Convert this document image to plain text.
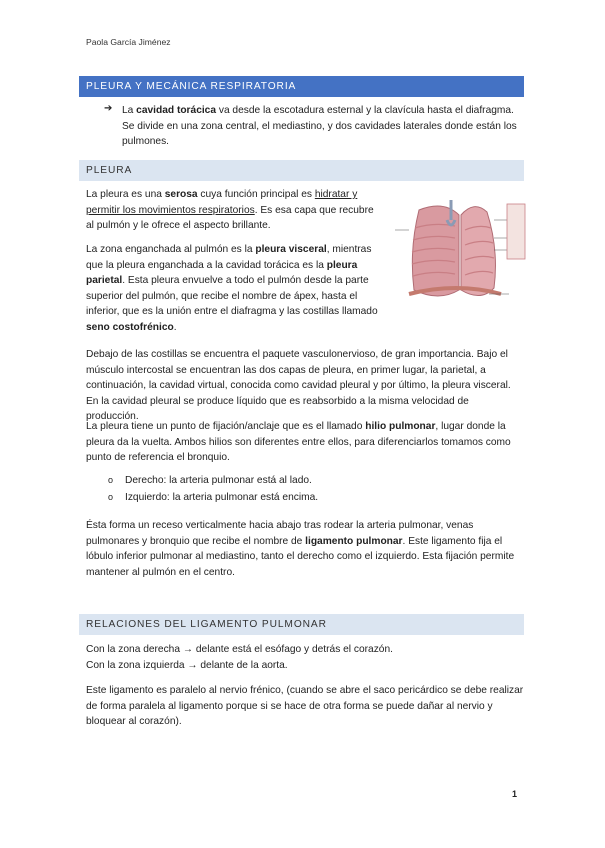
Paola García Jiménez
PLEURA Y MECÁNICA RESPIRATORIA
➔ La cavidad torácica va desde la escotadura esternal y la clavícula hasta el diafragma. Se divide en una zona central, el mediastino, y dos cavidades laterales donde están los pulmones.

PLEURA

La pleura es una serosa cuya función principal es hidratar y permitir los movimientos respiratorios. Es esa capa que recubre al pulmón y le ofrece el aspecto brillante.

La zona enganchada al pulmón es la pleura visceral, mientras que la pleura enganchada a la cavidad torácica es la pleura parietal. Esta pleura envuelve a todo el pulmón desde la parte superior del pulmón, que recibe el nombre de ápex, hasta el inferior, que es la unión entre el diafragma y las costillas llamado seno costofrénico.

Debajo de las costillas se encuentra el paquete vasculonervioso, de gran importancia. Bajo el músculo intercostal se encuentran las dos capas de pleura, en primer lugar, la parietal, a continuación, la cavidad virtual, conocida como cavidad pleural y por último, la pleura visceral. En la cavidad pleural se produce líquido que es reabsorbido a la misma velocidad de producción.

La pleura tiene un punto de fijación/anclaje que es el llamado hilio pulmonar, lugar donde la pleura da la vuelta. Ambos hilios son diferentes entre ellos, para diferenciarlos tomamos como punto de referencia el bronquio.

o Derecho: la arteria pulmonar está al lado.
o Izquierdo: la arteria pulmonar está encima.

Ésta forma un receso verticalmente hacia abajo tras rodear la arteria pulmonar, venas pulmonares y bronquio que recibe el nombre de ligamento pulmonar. Este ligamento fija el lóbulo inferior pulmonar al mediastino, tanto el derecho como el izquierdo. Esta fijación permite mantener al pulmón en el centro.

RELACIONES DEL LIGAMENTO PULMONAR

Con la zona derecha → delante está el esófago y detrás el corazón.

Con la zona izquierda → delante de la aorta.

Este ligamento es paralelo al nervio frénico, (cuando se abre el saco pericárdico se debe realizar de forma paralela al ligamento porque si se hace de otra forma se puede dañar al nervio y bloquear al corazón).

1
